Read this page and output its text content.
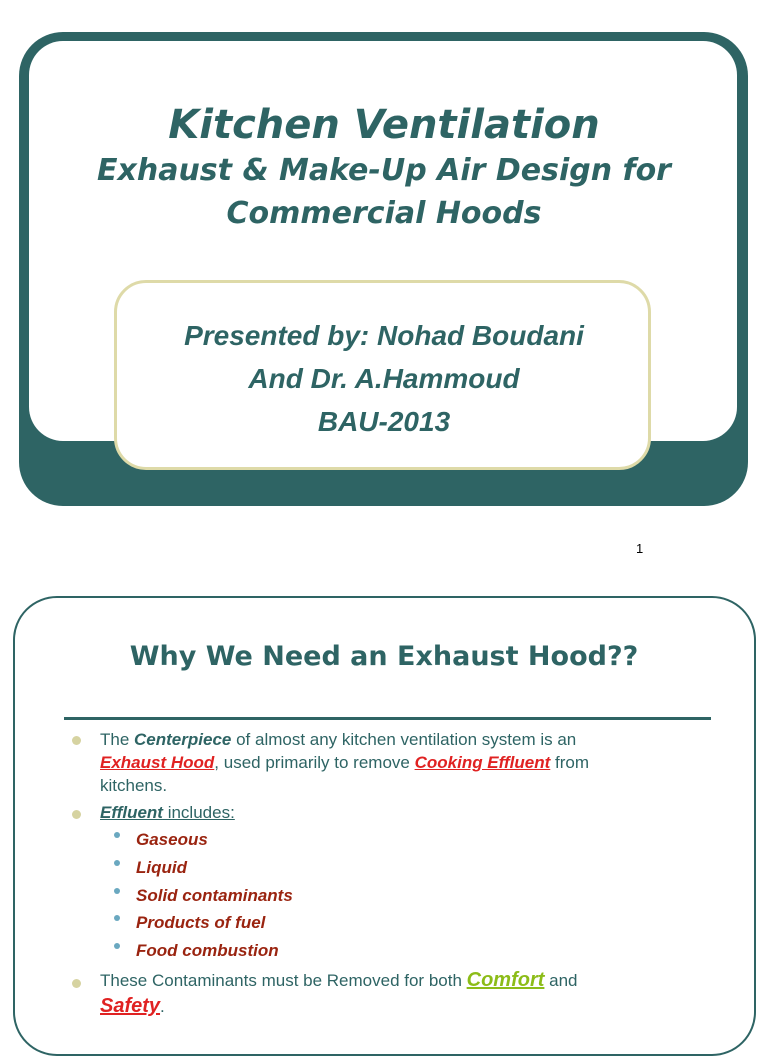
Kitchen Ventilation
Exhaust & Make-Up Air Design for
Commercial Hoods
Presented by: Nohad Boudani
And Dr. A.Hammoud
BAU-2013
1
Why We Need an Exhaust Hood??
The Centerpiece of almost any kitchen ventilation system is an
Exhaust Hood, used primarily to remove Cooking Effluent from
kitchens.
Effluent includes:
Gaseous
Liquid
Solid contaminants
Products of fuel
Food combustion
These Contaminants must be Removed for both Comfort and
Safety.
